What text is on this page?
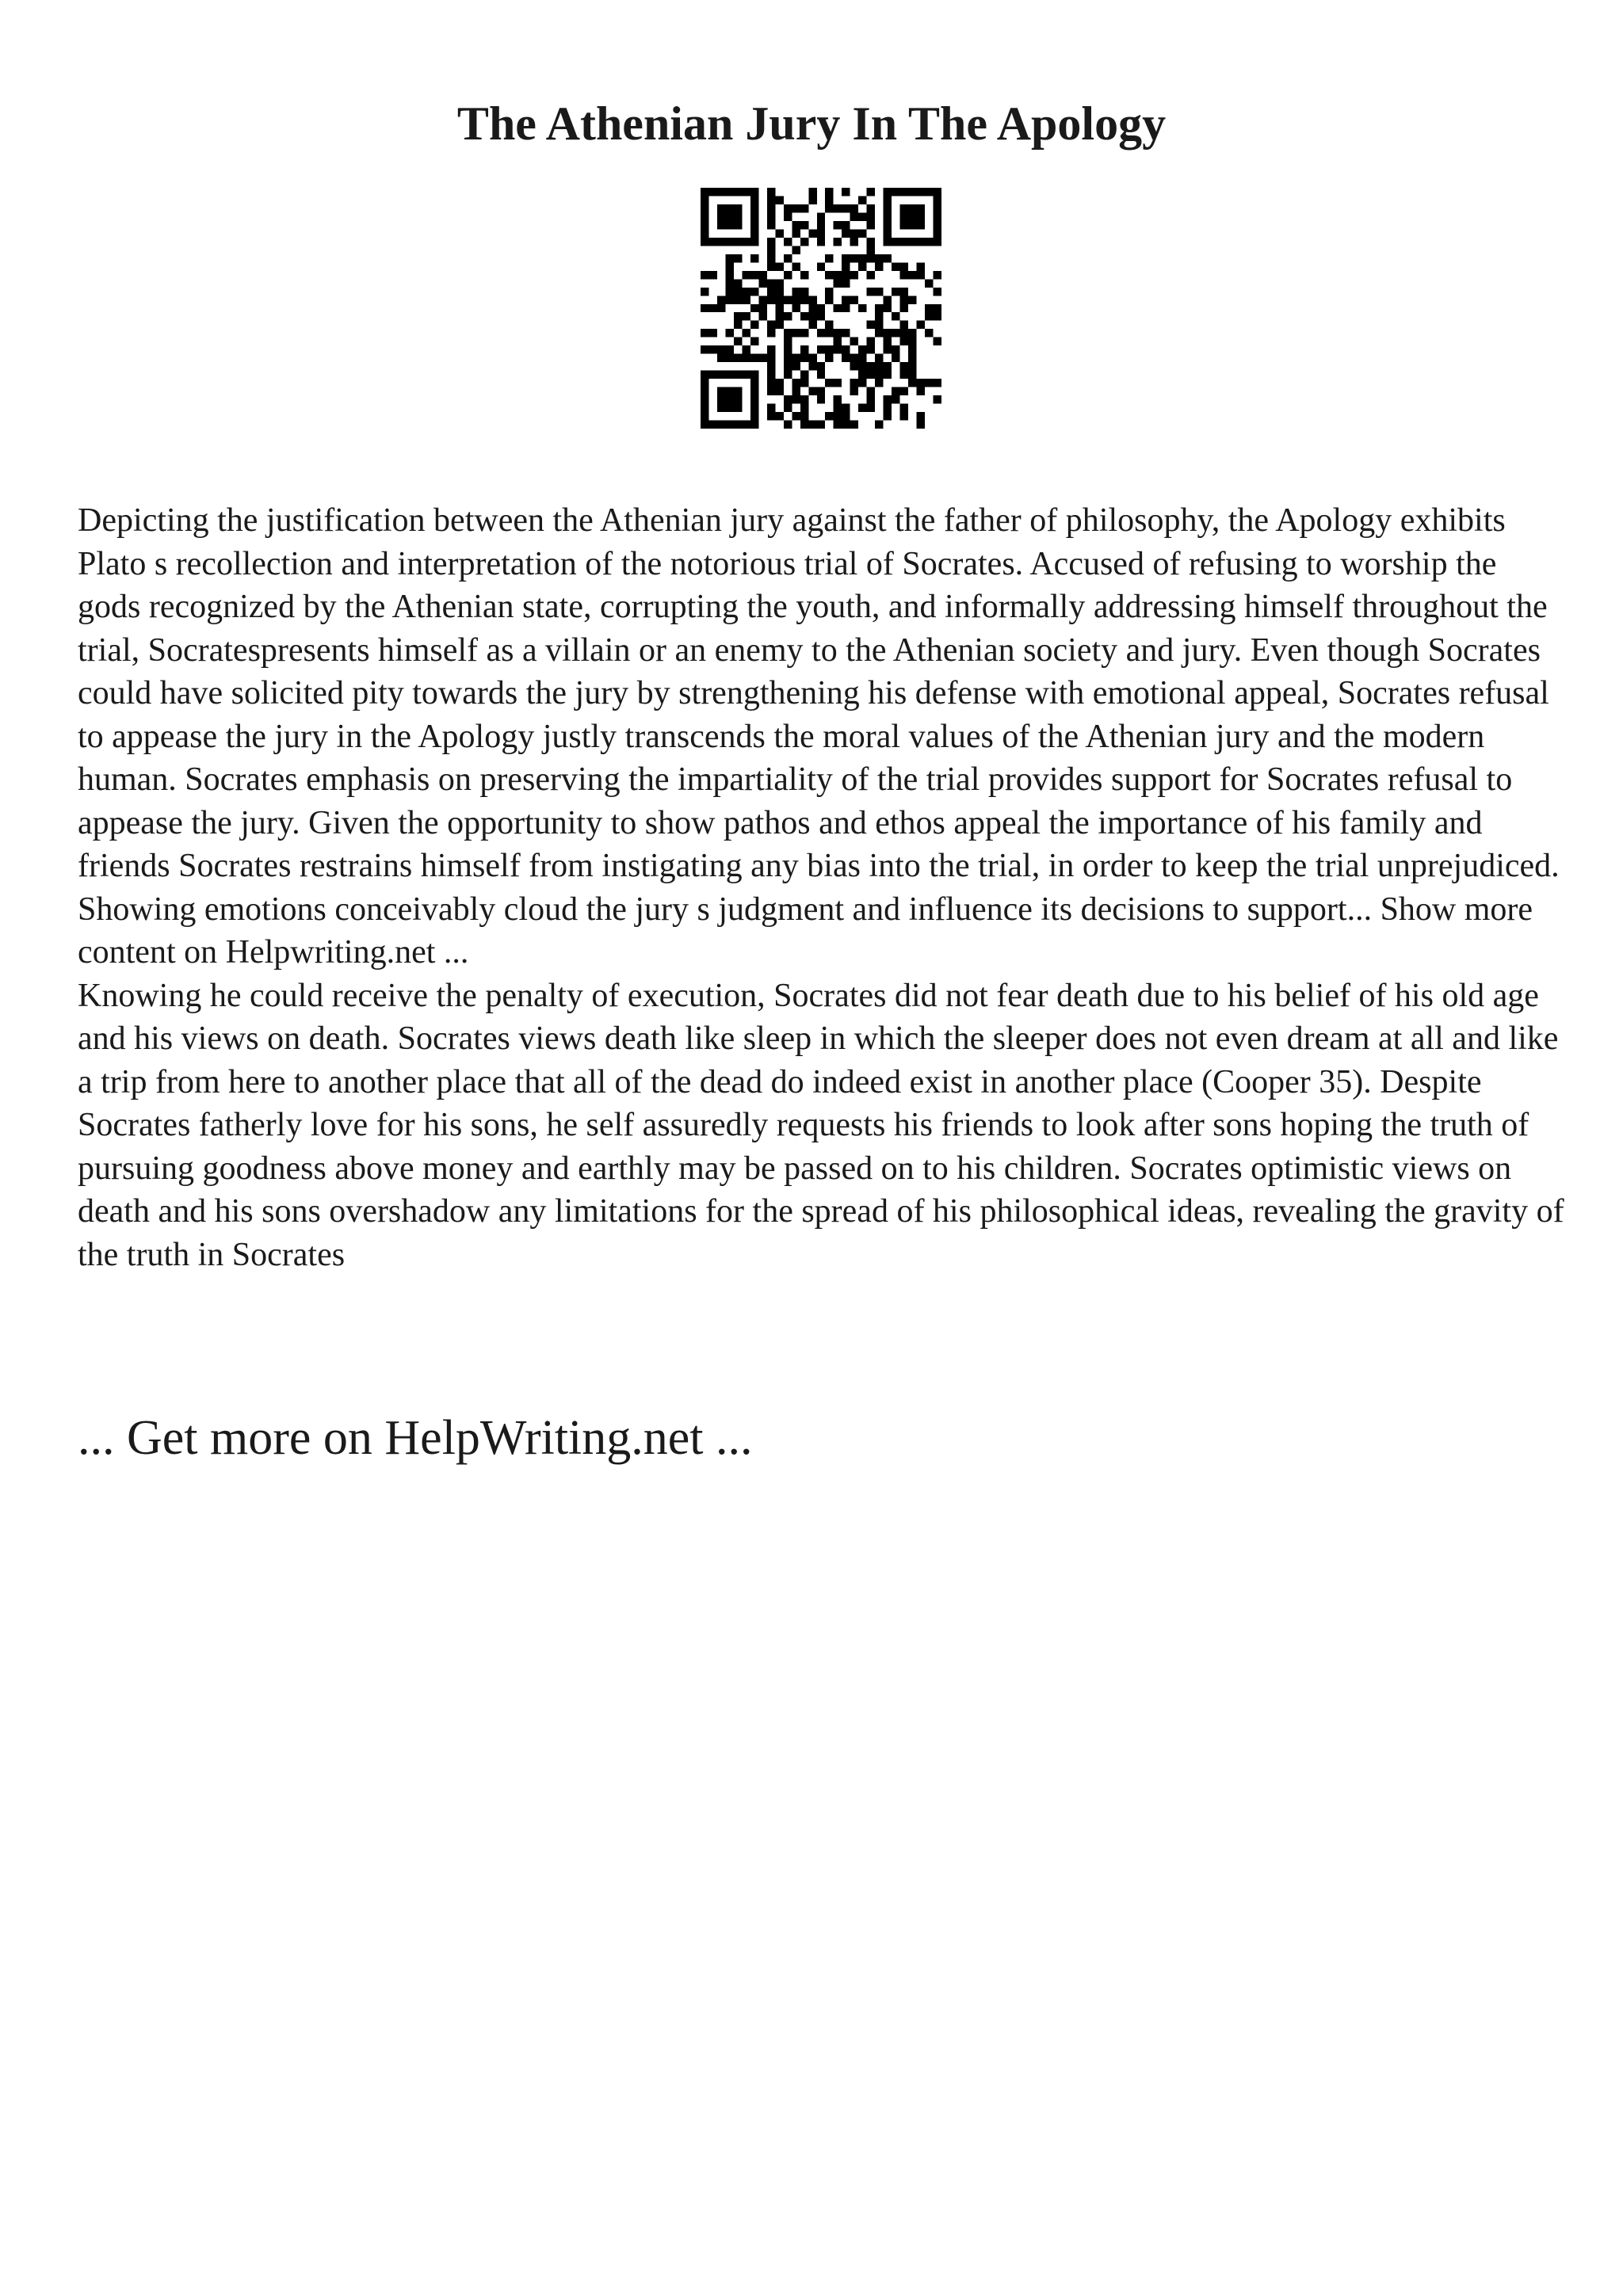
The Athenian Jury In The Apology

Depicting the justification between the Athenian jury against the father of philosophy, the Apology exhibits Plato s recollection and interpretation of the notorious trial of Socrates. Accused of refusing to worship the gods recognized by the Athenian state, corrupting the youth, and informally addressing himself throughout the trial, Socratespresents himself as a villain or an enemy to the Athenian society and jury. Even though Socrates could have solicited pity towards the jury by strengthening his defense with emotional appeal, Socrates refusal to appease the jury in the Apology justly transcends the moral values of the Athenian jury and the modern human. Socrates emphasis on preserving the impartiality of the trial provides support for Socrates refusal to appease the jury. Given the opportunity to show pathos and ethos appeal the importance of his family and friends Socrates restrains himself from instigating any bias into the trial, in order to keep the trial unprejudiced. Showing emotions conceivably cloud the jury s judgment and influence its decisions to support... Show more content on Helpwriting.net ...

Knowing he could receive the penalty of execution, Socrates did not fear death due to his belief of his old age and his views on death. Socrates views death like sleep in which the sleeper does not even dream at all and like a trip from here to another place that all of the dead do indeed exist in another place (Cooper 35). Despite Socrates fatherly love for his sons, he self assuredly requests his friends to look after sons hoping the truth of pursuing goodness above money and earthly may be passed on to his children. Socrates optimistic views on death and his sons overshadow any limitations for the spread of his philosophical ideas, revealing the gravity of the truth in Socrates

... Get more on HelpWriting.net ...
